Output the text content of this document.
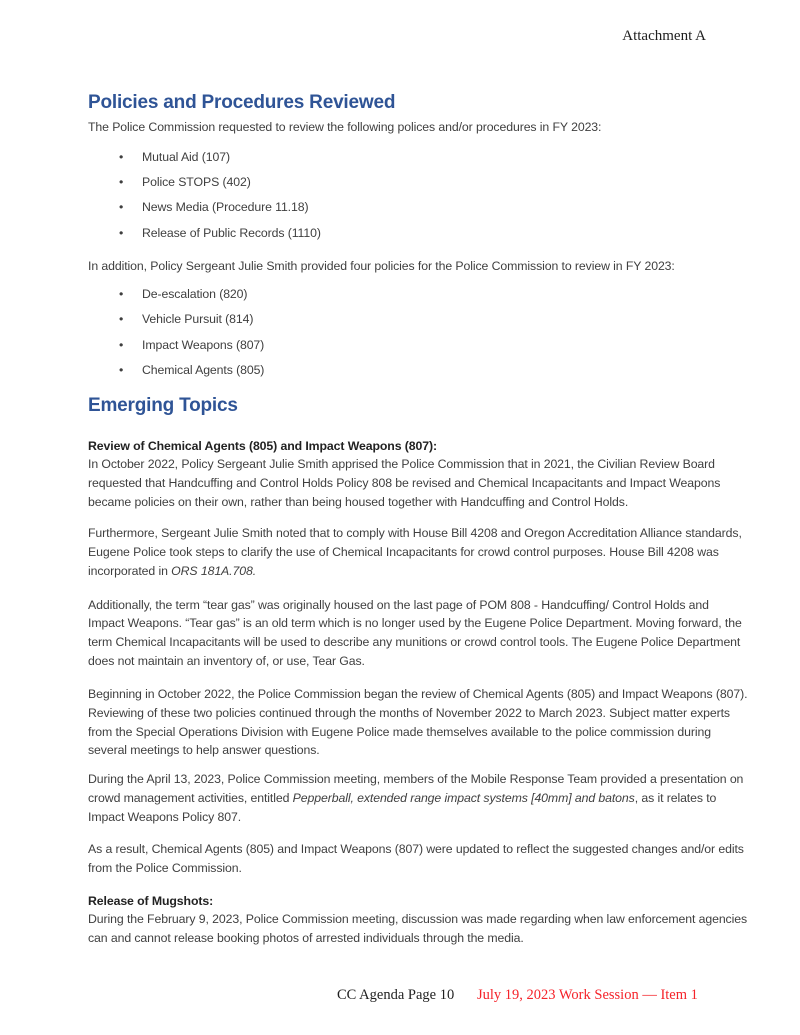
Attachment A
Policies and Procedures Reviewed

The Police Commission requested to review the following polices and/or procedures in FY 2023:

• Mutual Aid (107)
• Police STOPS (402)
• News Media (Procedure 11.18)
• Release of Public Records (1110)

In addition, Policy Sergeant Julie Smith provided four policies for the Police Commission to review in FY 2023:

• De-escalation (820)
• Vehicle Pursuit (814)
• Impact Weapons (807)
• Chemical Agents (805)
Emerging Topics

Review of Chemical Agents (805) and Impact Weapons (807):

In October 2022, Policy Sergeant Julie Smith apprised the Police Commission that in 2021, the Civilian Review Board requested that Handcuffing and Control Holds Policy 808 be revised and Chemical Incapacitants and Impact Weapons became policies on their own, rather than being housed together with Handcuffing and Control Holds.

Furthermore, Sergeant Julie Smith noted that to comply with House Bill 4208 and Oregon Accreditation Alliance standards, Eugene Police took steps to clarify the use of Chemical Incapacitants for crowd control purposes. House Bill 4208 was incorporated in ORS 181A.708.

Additionally, the term “tear gas” was originally housed on the last page of POM 808 - Handcuffing/ Control Holds and Impact Weapons. “Tear gas” is an old term which is no longer used by the Eugene Police Department. Moving forward, the term Chemical Incapacitants will be used to describe any munitions or crowd control tools. The Eugene Police Department does not maintain an inventory of, or use, Tear Gas.

Beginning in October 2022, the Police Commission began the review of Chemical Agents (805) and Impact Weapons (807). Reviewing of these two policies continued through the months of November 2022 to March 2023. Subject matter experts from the Special Operations Division with Eugene Police made themselves available to the police commission during several meetings to help answer questions.

During the April 13, 2023, Police Commission meeting, members of the Mobile Response Team provided a presentation on crowd management activities, entitled Pepperball, extended range impact systems [40mm] and batons, as it relates to Impact Weapons Policy 807.

As a result, Chemical Agents (805) and Impact Weapons (807) were updated to reflect the suggested changes and/or edits from the Police Commission.

Release of Mugshots:

During the February 9, 2023, Police Commission meeting, discussion was made regarding when law enforcement agencies can and cannot release booking photos of arrested individuals through the media.

CC Agenda Page 10 July 19, 2023 Work Session — Item 1
